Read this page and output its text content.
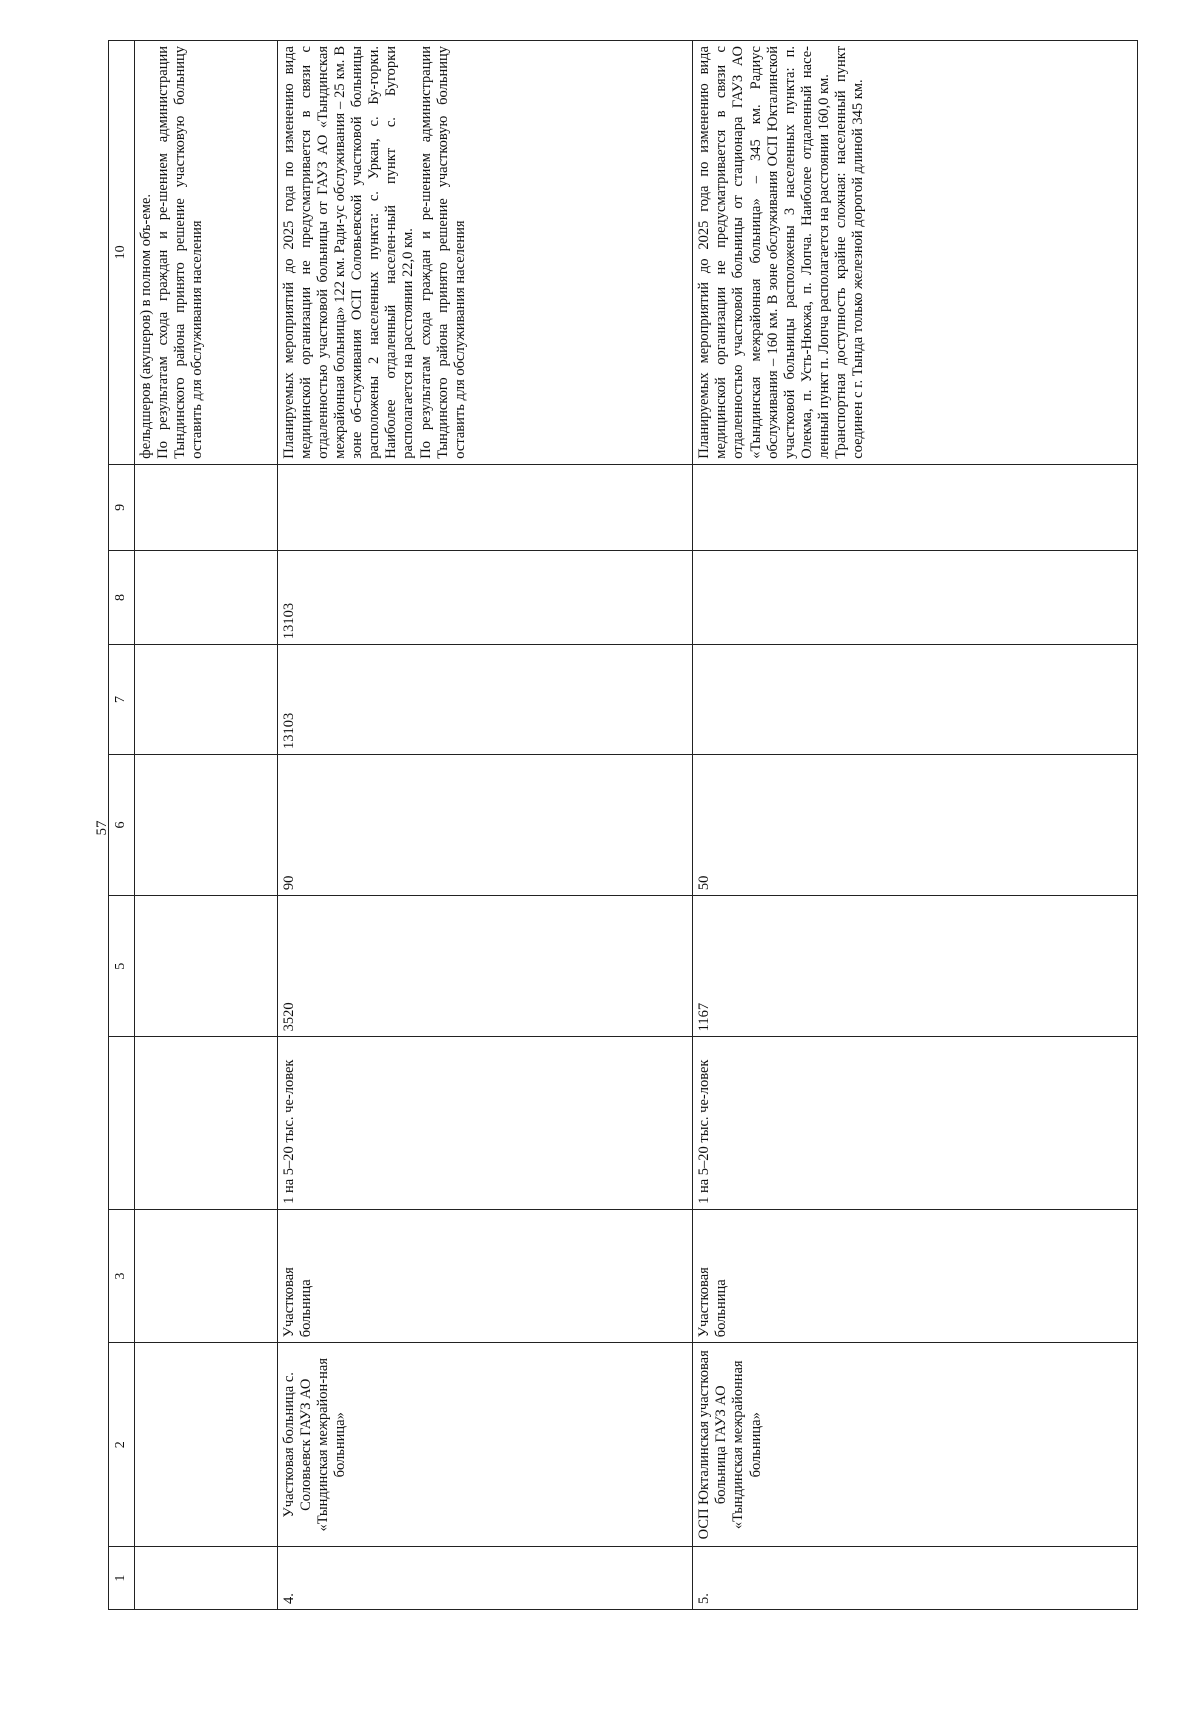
57
1	2	3		5	6	7	8	9	10

									фельдшеров (акушеров) в полном объ-еме. По результатам схода граждан и ре-шением администрации Тындинского района принято решение участковую больницу оставить для обслуживания населения

4.	Участковая больница с. Соловьевск ГАУЗ АО «Тындинская межрайон-ная больница»	Участковая больница	1 на 5–20 тыс. че-ловек	3520	90	13103	13103		Планируемых мероприятий до 2025 года по изменению вида медицинской организации не предусматривается в связи с отдаленностью участковой больницы от ГАУЗ АО «Тындинская межрайонная больница» 122 км. Ради-ус обслуживания – 25 км. В зоне об-служивания ОСП Соловьевской участковой больницы расположены 2 населенных пункта: с. Уркан, с. Бу-горки. Наиболее отдаленный населен-ный пункт с. Бугорки располагается на расстоянии 22,0 км. По результатам схода граждан и ре-шением администрации Тындинского района принято решение участковую больницу оставить для обслуживания населения

5.	ОСП Юкталинская участковая больница ГАУЗ АО «Тындинская межрайонная больница»	Участковая больница	1 на 5–20 тыс. че-ловек	1167	50				Планируемых мероприятий до 2025 года по изменению вида медицинской организации не предусматривается в связи с отдаленностью участковой больницы от стационара ГАУЗ АО «Тындинская межрайонная больница» – 345 км. Радиус обслуживания – 160 км. В зоне обслуживания ОСП Юкталинской участковой больницы расположены 3 населенных пункта: п. Олекма, п. Усть-Нюкжа, п. Лопча. Наиболее отдаленный насе-ленный пункт п. Лопча располагается на расстоянии 160,0 км. Транспортная доступность крайне сложная: населенный пункт соединен с г. Тында только железной дорогой длиной 345 км.
